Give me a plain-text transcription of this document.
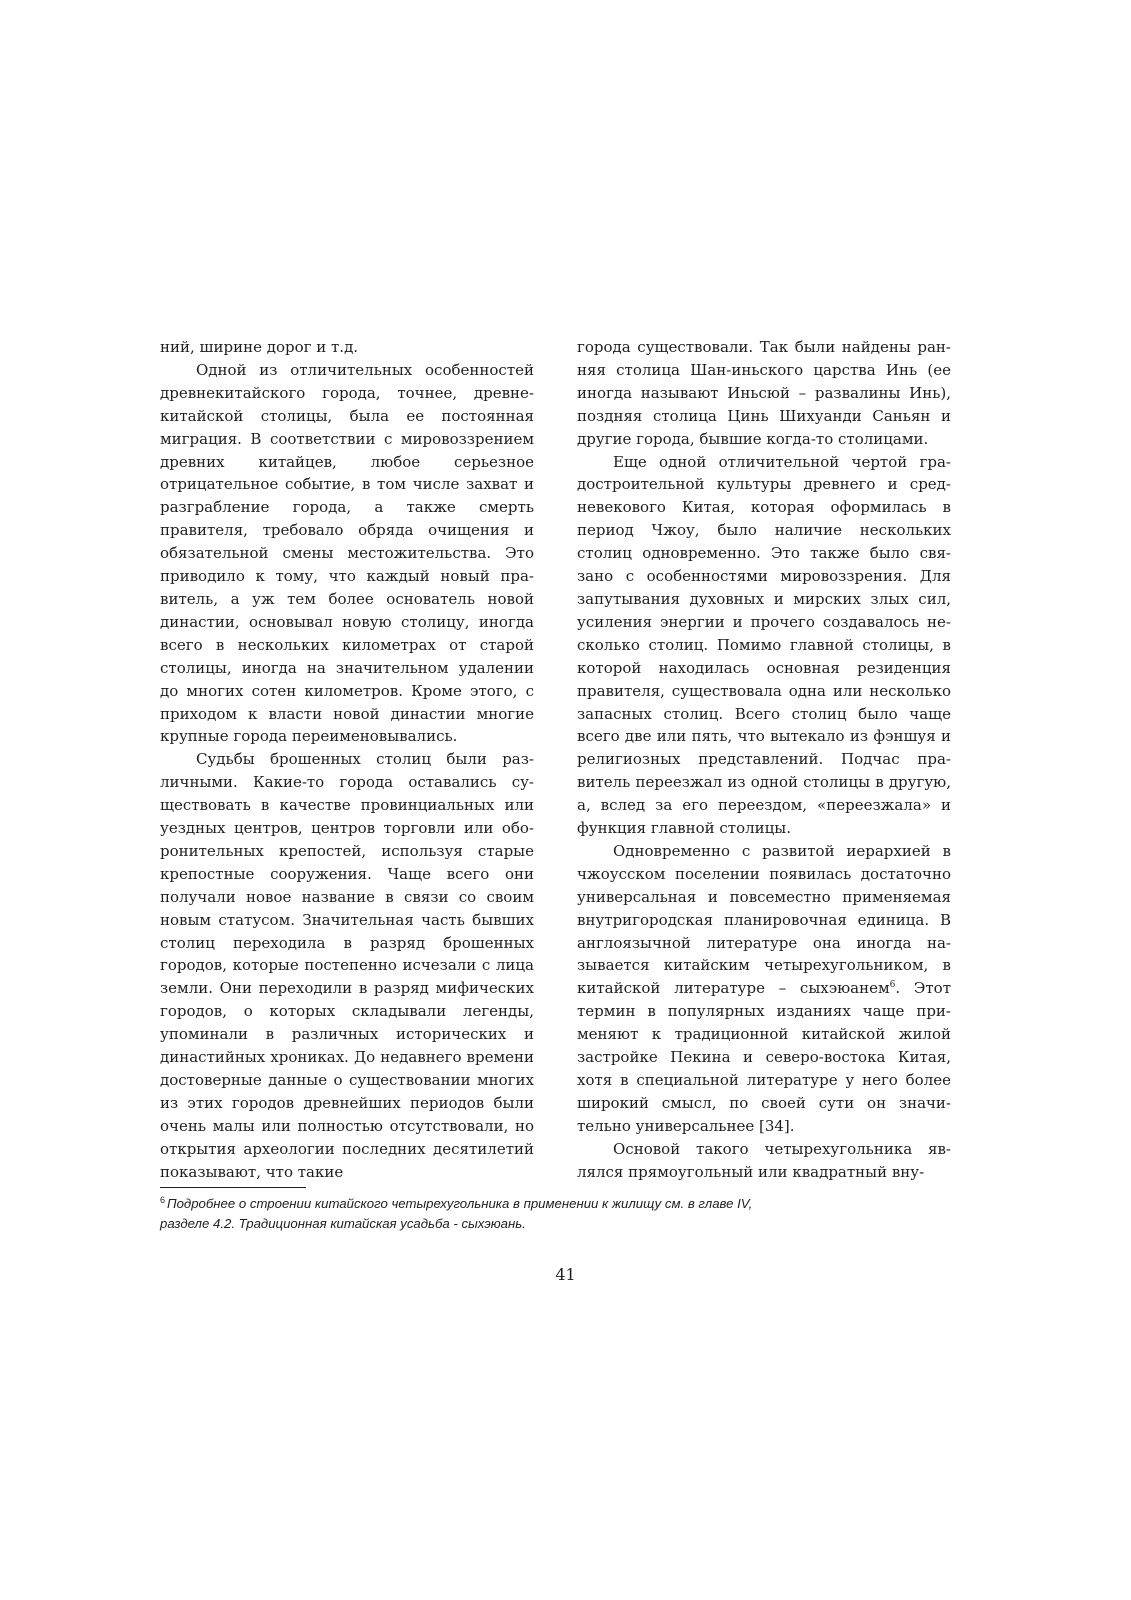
ний, ширине дорог и т.д.

Одной из отличительных особенностей древнекитайского города, точнее, древнекитайской столицы, была ее постоянная миграция. В соответствии с мировоззрением древних китайцев, любое серьезное отрицательное событие, в том числе захват и разграбление города, а также смерть правителя, требовало обряда очищения и обязательной смены местожительства. Это приводило к тому, что каждый новый правитель, а уж тем более основатель новой династии, основывал новую столицу, иногда всего в нескольких километрах от старой столицы, иногда на значительном удалении до многих сотен километров. Кроме этого, с приходом к власти новой династии многие крупные города переименовывались.

Судьбы брошенных столиц были различными. Какие-то города оставались существовать в качестве провинциальных или уездных центров, центров торговли или оборонительных крепостей, используя старые крепостные сооружения. Чаще всего они получали новое название в связи со своим новым статусом. Значительная часть бывших столиц переходила в разряд брошенных городов, которые постепенно исчезали с лица земли. Они переходили в разряд мифических городов, о которых складывали легенды, упоминали в различных исторических и династийных хрониках. До недавнего времени достоверные данные о существовании многих из этих городов древнейших периодов были очень малы или полностью отсутствовали, но открытия археологии последних десятилетий показывают, что такие

города существовали. Так были найдены ранняя столица Шан-иньского царства Инь (ее иногда называют Иньсюй – развалины Инь), поздняя столица Цинь Шихуанди Саньян и другие города, бывшие когда-то столицами.

Еще одной отличительной чертой градостроительной культуры древнего и средневекового Китая, которая оформилась в период Чжоу, было наличие нескольких столиц одновременно. Это также было связано с особенностями мировоззрения. Для запутывания духовных и мирских злых сил, усиления энергии и прочего создавалось несколько столиц. Помимо главной столицы, в которой находилась основная резиденция правителя, существовала одна или несколько запасных столиц. Всего столиц было чаще всего две или пять, что вытекало из фэншуя и религиозных представлений. Подчас правитель переезжал из одной столицы в другую, а, вслед за его переездом, «переезжала» и функция главной столицы.

Одновременно с развитой иерархией в чжоусском поселении появилась достаточно универсальная и повсеместно применяемая внутригородская планировочная единица. В англоязычной литературе она иногда называется китайским четырехугольником, в китайской литературе – сыхэюанем$^6$. Этот термин в популярных изданиях чаще применяют к традиционной китайской жилой застройке Пекина и северо-востока Китая, хотя в специальной литературе у него более широкий смысл, по своей сути он значительно универсальнее [34].

Основой такого четырехугольника являлся прямоугольный или квадратный вну-

$^6$ Подробнее о строении китайского четырехугольника в применении к жилищу см. в главе IV,
разделе 4.2. Традиционная китайская усадьба - сыхэюань.
41
